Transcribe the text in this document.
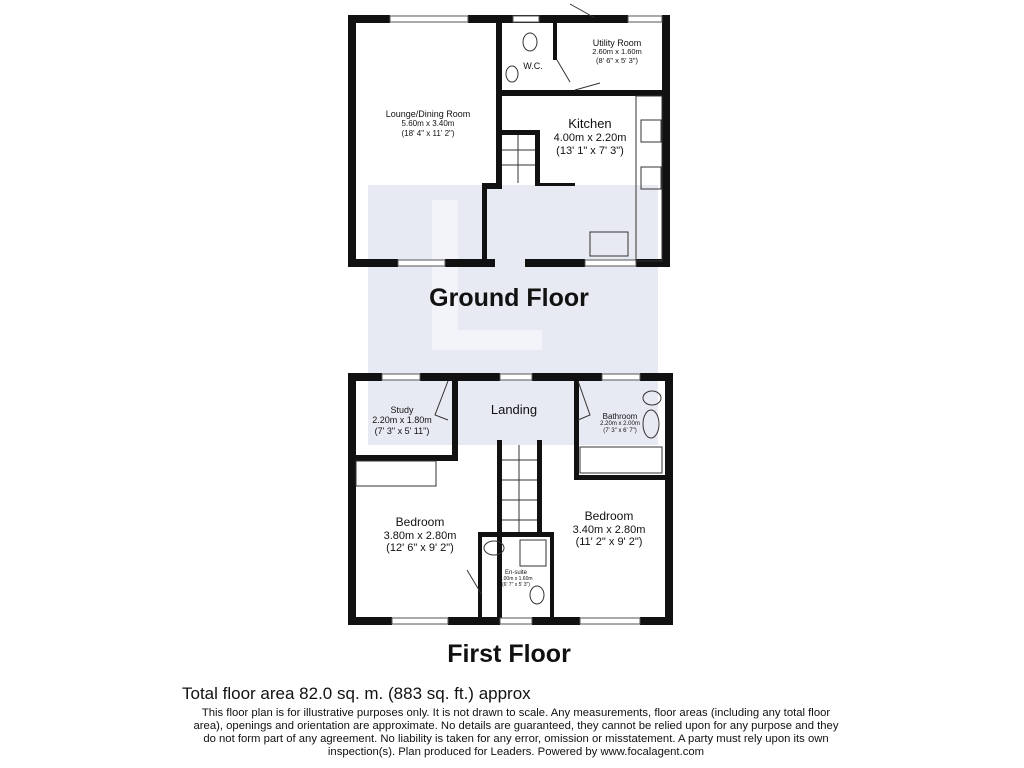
Lounge/Dining Room
5.60m x 3.40m
(18' 4" x 11' 2")
W.C.
Utility Room
2.60m x 1.60m
(8' 6" x 5' 3")
Kitchen
4.00m x 2.20m
(13' 1" x 7' 3")
Ground Floor
Study
2.20m x 1.80m
(7' 3" x 5' 11")
Landing	Bathroom
2.20m x 2.00m
(7' 3" x 6' 7")
Bedroom
3.80m x 2.80m
(12' 6" x 9' 2")
Bedroom
3.40m x 2.80m
(11' 2" x 9' 2")
En-suite
2.00m x 1.60m
(6' 7" x 5' 3")
First Floor
Total floor area 82.0 sq. m. (883 sq. ft.) approx
This floor plan is for illustrative purposes only. It is not drawn to scale. Any measurements, floor areas (including any total floor area), openings and orientation are approximate. No details are guaranteed, they cannot be relied upon for any purpose and they do not form part of any agreement. No liability is taken for any error, omission or misstatement. A party must rely upon its own inspection(s). Plan produced for Leaders. Powered by www.focalagent.com
